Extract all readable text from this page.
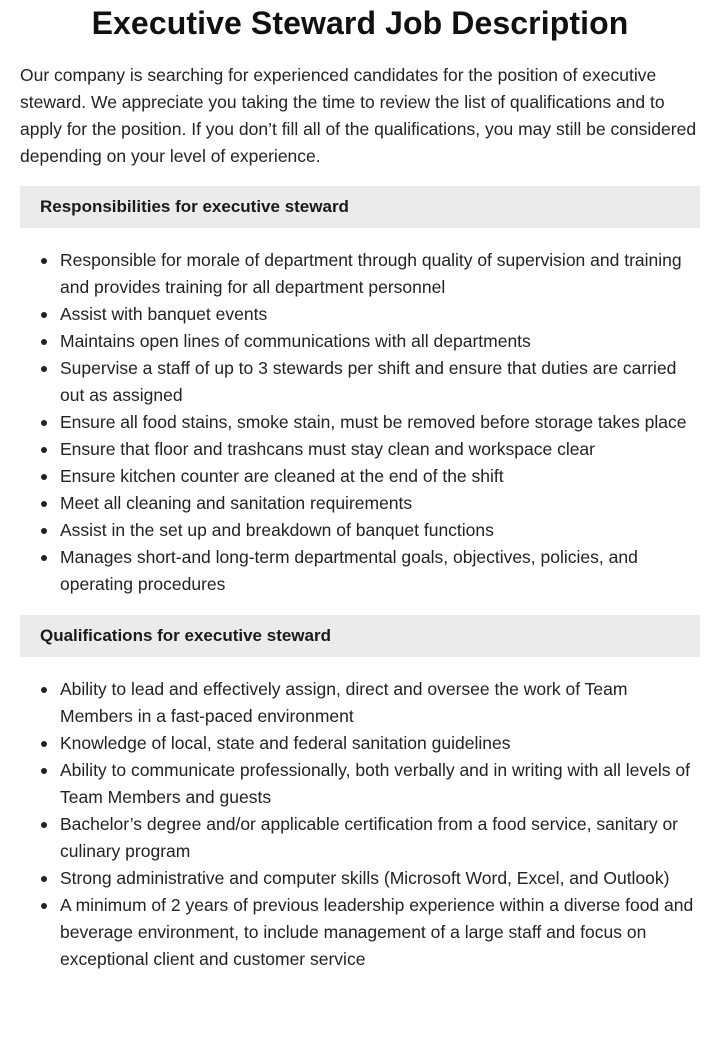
Executive Steward Job Description

Our company is searching for experienced candidates for the position of executive steward. We appreciate you taking the time to review the list of qualifications and to apply for the position. If you don’t fill all of the qualifications, you may still be considered depending on your level of experience.

Responsibilities for executive steward
Responsible for morale of department through quality of supervision and training and provides training for all department personnel
Assist with banquet events
Maintains open lines of communications with all departments
Supervise a staff of up to 3 stewards per shift and ensure that duties are carried out as assigned
Ensure all food stains, smoke stain, must be removed before storage takes place
Ensure that floor and trashcans must stay clean and workspace clear
Ensure kitchen counter are cleaned at the end of the shift
Meet all cleaning and sanitation requirements
Assist in the set up and breakdown of banquet functions
Manages short-and long-term departmental goals, objectives, policies, and operating procedures
Qualifications for executive steward
Ability to lead and effectively assign, direct and oversee the work of Team Members in a fast-paced environment
Knowledge of local, state and federal sanitation guidelines
Ability to communicate professionally, both verbally and in writing with all levels of Team Members and guests
Bachelor’s degree and/or applicable certification from a food service, sanitary or culinary program
Strong administrative and computer skills (Microsoft Word, Excel, and Outlook)
A minimum of 2 years of previous leadership experience within a diverse food and beverage environment, to include management of a large staff and focus on exceptional client and customer service
